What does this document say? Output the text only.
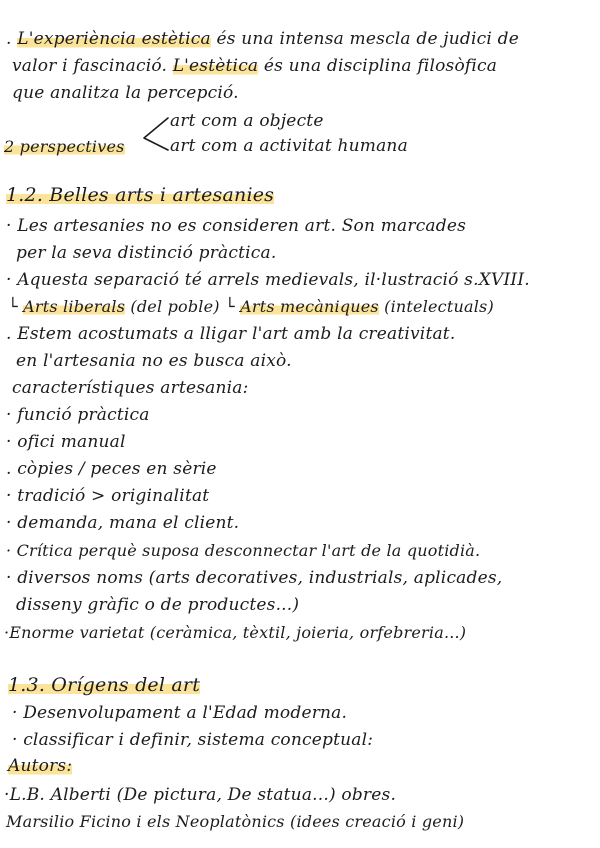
. L'experiència estètica és una intensa mescla de judici de
valor i fascinació. L'estètica és una disciplina filosòfica
que analitza la percepció.
art com a objecte
2 perspectives	art com a activitat humana
1.2. Belles arts i artesanies
· Les artesanies no es consideren art. Son marcades
per la seva distinció pràctica.
· Aquesta separació té arrels medievals, il·lustració s.XVIII.
└ Arts liberals (del poble) └ Arts mecàniques (intelectuals)
. Estem acostumats a lligar l'art amb la creativitat.
en l'artesania no es busca això.
característiques artesania:
· funció pràctica
· ofici manual
. còpies / peces en sèrie
· tradició > originalitat
· demanda, mana el client.
· Crítica perquè suposa desconnectar l'art de la quotidià.
· diversos noms (arts decoratives, industrials, aplicades,
disseny gràfic o de productes...)
·Enorme varietat (ceràmica, tèxtil, joieria, orfebreria...)
1.3. Orígens del art
· Desenvolupament a l'Edad moderna.
· classificar i definir, sistema conceptual:
Autors:
·L.B. Alberti (De pictura, De statua...) obres.
Marsilio Ficino i els Neoplatònics (idees creació i geni)
